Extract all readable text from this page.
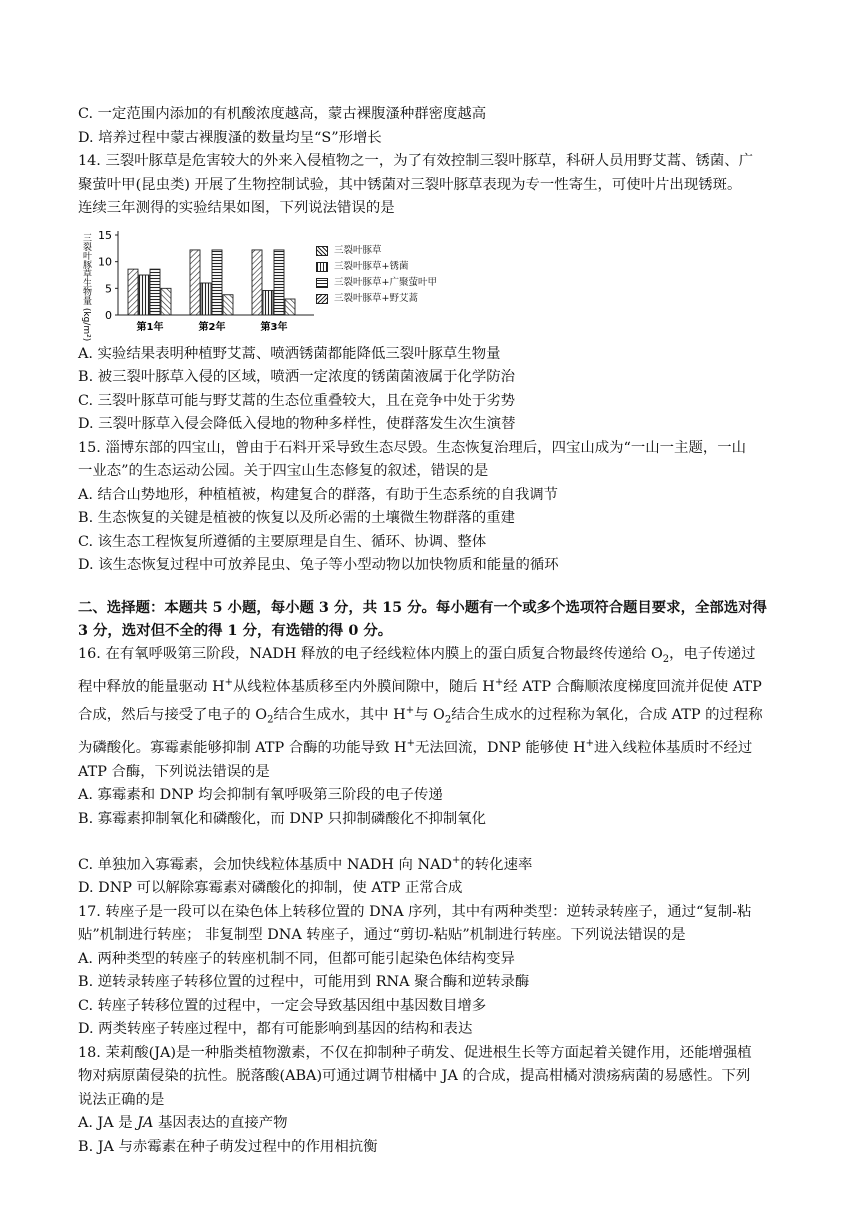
C. 一定范围内添加的有机酸浓度越高，蒙古裸腹溞种群密度越高
D. 培养过程中蒙古裸腹溞的数量均呈“S”形增长
14. 三裂叶豚草是危害较大的外来入侵植物之一，为了有效控制三裂叶豚草，科研人员用野艾蒿、锈菌、广
聚萤叶甲(昆虫类) 开展了生物控制试验，其中锈菌对三裂叶豚草表现为专一性寄生，可使叶片出现锈斑。
连续三年测得的实验结果如图，下列说法错误的是
三裂叶豚草生物量 (kg/m²) 0
5
10
15
第1年	第2年	第3年
三裂叶豚草
三裂叶豚草+锈菌
三裂叶豚草+广聚萤叶甲
三裂叶豚草+野艾蒿
A. 实验结果表明种植野艾蒿、喷洒锈菌都能降低三裂叶豚草生物量
B. 被三裂叶豚草入侵的区域，喷洒一定浓度的锈菌菌液属于化学防治
C. 三裂叶豚草可能与野艾蒿的生态位重叠较大，且在竞争中处于劣势
D. 三裂叶豚草入侵会降低入侵地的物种多样性，使群落发生次生演替
15. 淄博东部的四宝山，曾由于石料开采导致生态尽毁。生态恢复治理后，四宝山成为“一山一主题，一山
一业态”的生态运动公园。关于四宝山生态修复的叙述，错误的是
A. 结合山势地形，种植植被，构建复合的群落，有助于生态系统的自我调节
B. 生态恢复的关键是植被的恢复以及所必需的土壤微生物群落的重建
C. 该生态工程恢复所遵循的主要原理是自生、循环、协调、整体
D. 该生态恢复过程中可放养昆虫、兔子等小型动物以加快物质和能量的循环
二、选择题：本题共 5 小题，每小题 3 分，共 15 分。每小题有一个或多个选项符合题目要求，全部选对得
3 分，选对但不全的得 1 分，有选错的得 0 分。
16. 在有氧呼吸第三阶段，NADH 释放的电子经线粒体内膜上的蛋白质复合物最终传递给 $O_2$，电子传递过
程中释放的能量驱动 H+从线粒体基质移至内外膜间隙中，随后 H+经 ATP 合酶顺浓度梯度回流并促使 ATP
合成，然后与接受了电子的 $O_2$结合生成水，其中 H+与 $O_2$结合生成水的过程称为氧化，合成 ATP 的过程称
为磷酸化。寡霉素能够抑制 ATP 合酶的功能导致 H+无法回流，DNP 能够使 H+进入线粒体基质时不经过
ATP 合酶，下列说法错误的是
A. 寡霉素和 DNP 均会抑制有氧呼吸第三阶段的电子传递
B. 寡霉素抑制氧化和磷酸化，而 DNP 只抑制磷酸化不抑制氧化
C. 单独加入寡霉素，会加快线粒体基质中 NADH 向 NAD+的转化速率
D. DNP 可以解除寡霉素对磷酸化的抑制，使 ATP 正常合成
17. 转座子是一段可以在染色体上转移位置的 DNA 序列，其中有两种类型：逆转录转座子，通过“复制-粘
贴”机制进行转座； 非复制型 DNA 转座子，通过“剪切-粘贴”机制进行转座。下列说法错误的是
A. 两种类型的转座子的转座机制不同，但都可能引起染色体结构变异
B. 逆转录转座子转移位置的过程中，可能用到 RNA 聚合酶和逆转录酶
C. 转座子转移位置的过程中，一定会导致基因组中基因数目增多
D. 两类转座子转座过程中，都有可能影响到基因的结构和表达
18. 茉莉酸(JA)是一种脂类植物激素，不仅在抑制种子萌发、促进根生长等方面起着关键作用，还能增强植
物对病原菌侵染的抗性。脱落酸(ABA)可通过调节柑橘中 JA 的合成，提高柑橘对溃疡病菌的易感性。下列
说法正确的是
A. JA 是 JA 基因表达的直接产物
B. JA 与赤霉素在种子萌发过程中的作用相抗衡
